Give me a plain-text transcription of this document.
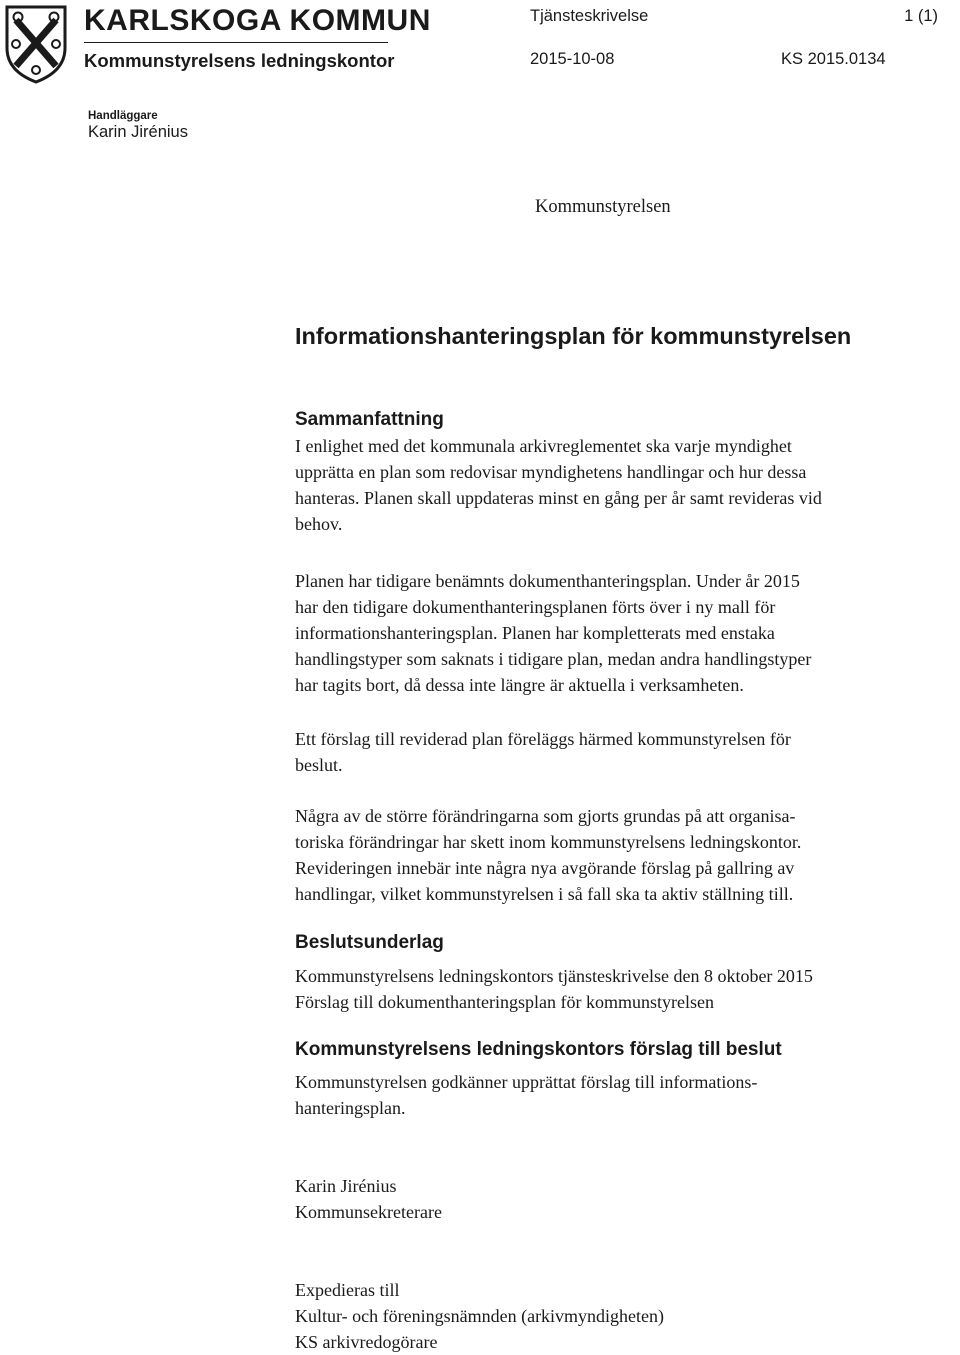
KARLSKOGA KOMMUN
Kommunstyrelsens ledningskontor
Tjänsteskrivelse	1 (1)
2015-10-08	KS 2015.0134
Handläggare
Karin Jirénius
Kommunstyrelsen
Informationshanteringsplan för kommunstyrelsen
Sammanfattning
I enlighet med det kommunala arkivreglementet ska varje myndighet
upprätta en plan som redovisar myndighetens handlingar och hur dessa
hanteras. Planen skall uppdateras minst en gång per år samt revideras vid
behov.
Planen har tidigare benämnts dokumenthanteringsplan. Under år 2015
har den tidigare dokumenthanteringsplanen förts över i ny mall för
informationshanteringsplan. Planen har kompletterats med enstaka
handlingstyper som saknats i tidigare plan, medan andra handlingstyper
har tagits bort, då dessa inte längre är aktuella i verksamheten.
Ett förslag till reviderad plan föreläggs härmed kommunstyrelsen för
beslut.
Några av de större förändringarna som gjorts grundas på att organisa-
toriska förändringar har skett inom kommunstyrelsens ledningskontor.
Revideringen innebär inte några nya avgörande förslag på gallring av
handlingar, vilket kommunstyrelsen i så fall ska ta aktiv ställning till.
Beslutsunderlag
Kommunstyrelsens ledningskontors tjänsteskrivelse den 8 oktober 2015
Förslag till dokumenthanteringsplan för kommunstyrelsen
Kommunstyrelsens ledningskontors förslag till beslut
Kommunstyrelsen godkänner upprättat förslag till informations-
hanteringsplan.
Karin Jirénius
Kommunsekreterare
Expedieras till
Kultur- och föreningsnämnden (arkivmyndigheten)
KS arkivredogörare
